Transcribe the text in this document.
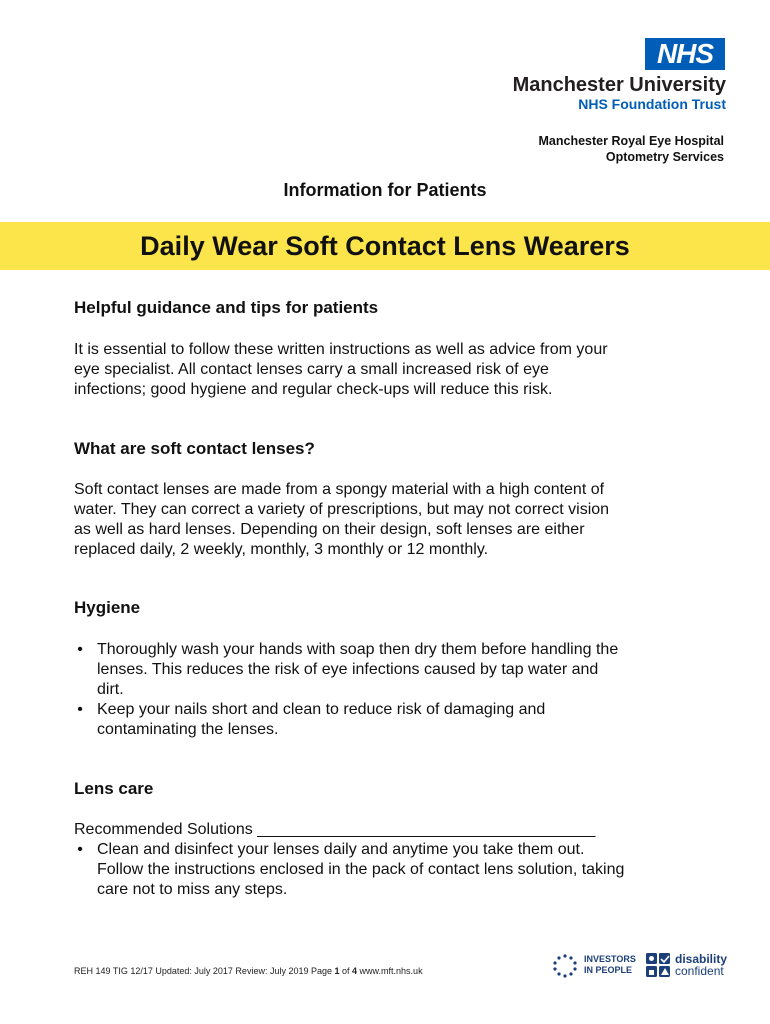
NHS
Manchester University
NHS Foundation Trust
Manchester Royal Eye Hospital
Optometry Services
Information for Patients
Daily Wear Soft Contact Lens Wearers
Helpful guidance and tips for patients
It is essential to follow these written instructions as well as advice from your
eye specialist. All contact lenses carry a small increased risk of eye
infections; good hygiene and regular check-ups will reduce this risk.
What are soft contact lenses?
Soft contact lenses are made from a spongy material with a high content of
water. They can correct a variety of prescriptions, but may not correct vision
as well as hard lenses. Depending on their design, soft lenses are either
replaced daily, 2 weekly, monthly, 3 monthly or 12 monthly.
Hygiene
• Thoroughly wash your hands with soap then dry them before handling the
lenses. This reduces the risk of eye infections caused by tap water and
dirt.
• Keep your nails short and clean to reduce risk of damaging and
contaminating the lenses.
Lens care
Recommended Solutions ______________________________________
• Clean and disinfect your lenses daily and anytime you take them out.
Follow the instructions enclosed in the pack of contact lens solution, taking
care not to miss any steps.
REH 149 TIG 12/17 Updated: July 2017 Review: July 2019 Page 1 of 4 www.mft.nhs.uk
INVESTORS
IN PEOPLE
disability
confident
